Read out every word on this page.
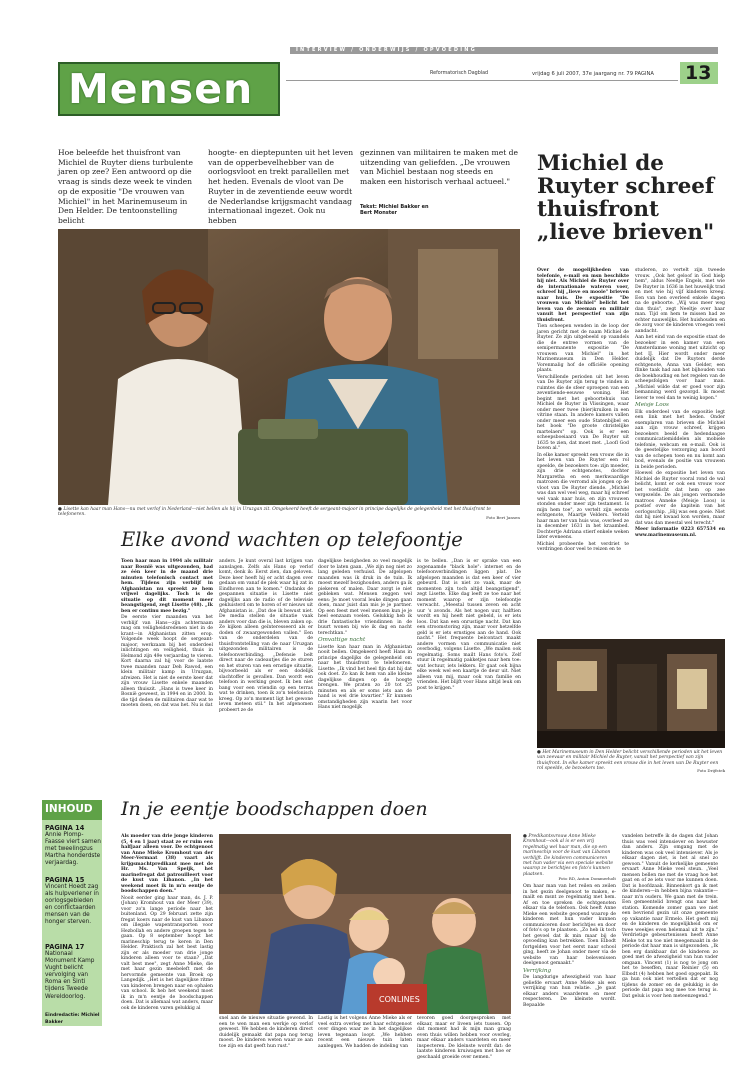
INTERVIEW / ONDERWIJS / OPVOEDING
Mensen	Reformatorisch Dagblad	vrijdag 6 juli 2007, 37e jaargang nr. 79 PAGINA 13
Hoe beleefde het thuisfront van Michiel de Ruyter diens turbulente jaren op zee? Een antwoord op die vraag is sinds deze week te vinden op de expositie "De vrouwen van Michiel" in het Marinemuseum in Den Helder. De tentoonstelling belicht
hoogte- en dieptepunten uit het leven van de opperbevelhebber van de oorlogsvloot en trekt parallellen met het heden. Evenals de vloot van De Ruyter in de zeventiende eeuw wordt de Nederlandse krijgsmacht vandaag internationaal ingezet. Ook nu hebben
gezinnen van militairen te maken met de uitzending van geliefden. „De vrouwen van Michiel bestaan nog steeds en maken een historisch verhaal actueel."
Tekst: Michiel Bakker en Bert Monster
● Lisette kan haar man Hans—nu met verlof in Nederland—niet bellen als hij in Uruzgan zit. Omgekeerd heeft de sergeant-majoor in principe dagelijks de gelegenheid met het thuisfront te telefoneren.
Foto Bert Jansen
Michiel de Ruyter schreef thuisfront „lieve brieven"

Over de mogelijkheden van telefonie, e-mail en msn beschikte hij niet. Als Michiel de Ruyter over de internationale wateren voer, schreef hij „lieve en mooie" brieven naar huis. De expositie "De vrouwen van Michiel" belicht het leven van de zeeman en militair vanuit het perspectief van zijn thuisfront.

Tien scheepen wenden in de loop der jaren gericht met de naam Michiel de Ruyter. Ze zijn uitgebeeld op vaandels die de entree vormen van de semipermanente expositie "De vrouwen van Michiel" in het Marinemuseum in Den Helder. Vorenmalig hof de officiële opening plaats.

Verschillende perioden uit het leven van De Ruyter zijn terug te vinden in ruimtes die de sfeer oproepen van een zeventiende-eeuwse woning. Het begint met het geboortehuis van Michiel de Ruyter in Vlissingen, waar onder meer twee (bier)kruiken in een vitrine staan. In andere kamers vallen onder meer een oude Statenbijbel en het boek "De groote christelijke martelaers" op. Ook is er een scheepsboeiaard van De Ruyter uit 1635 te zien, dat moet met. „Loofl God boven al."

In elke kamer spreekt een vrouw die in het leven van De Ruyter een rol speelde, de bezoekers toe: zijn moeder, zijn drie echtgenotes, dochter Margaretha en een merkwaardige matrozen die verromd als jongen op de vloot van De Ruyter diende. „Michiel was dan wel veel weg, maar hij schreef wel vaak naar huis, en zijn vrouwen stonden onder meer zijn testament. Is mijn hem toe", zo vertelt zijn eerste echtgenote, Maartje Velders. Verteld haar man ter van huis was, overleed ze in december 1631 in het kraambed. Dochtertje Adriana stierf enkele weken later eveneens.

Michiel probeerde het verdriet te verdringen door veel te reizen en te

studeren, zo vertelt zijn tweede vrouw. „Ook het geloof in God hielp hem", aldus Neeltje Engels, met wie De Ruyter in 1636 in het huwelijk trad en met wie hij vijf kinderen kreeg. Een van hen overleed enkele dagen na de geboorte. „Wij was meer weg dan thuis", zegt Neeltje over haar man. Tijd om hem te missen had ze echter nauwelijks. Het huishouden en de zorg voor de kinderen vroegen veel aandacht.

Aan het eind van de expositie staat de bezoeker in een kamer van een Amsterdamse woning met uitzicht op het IJ. Hier wordt onder meer duidelijk dat De Ruyters derde echtgenote, Anna van Gelder, een flinke taak had aan het bijhouden van de boekhouding en het regelen van de scheepsfolgen voor haar man. „Michiel wilde dat er goed voor zijn bemanning werd gezorgd. Ik moest liever te veel dan te weinig kopen."

Meisje Loos

Elk onderdeel van de expositie legt een link met het heden. Onder exemplaren van brieven die Michiel aan zijn vrouw schreef, krijgen bezoekers beeld de hedendaagse communicatiemiddelen als mobiele telefonie, webcam en e-mail. Ook is de geestelijke verzorging aan boord van de schepen toen en nu komt aan bod, evenals de positie van vrouwen in beide perioden.

Hoewel de expositie het leven van Michiel de Ruyter vooral rond de wal belicht, komt er ook een vrouw voor het voetlicht dat hem op zee vergezelde. De als jongen vermomde matroos Anneke (Meisje Loos) is postief over de kapitein van het oorlogsschip. „Hij was een goeie. Niet dat hij niet kwaad kon worden, maar dat was dan meestal wel terecht."

Meer informatie 0223 657534 en www.marinemuseum.nl.

● Het Marinemuseum in Den Helder belicht verschillende perioden uit het leven van zeevaar en militair Michiel de Ruyter, vanuit het perspectief van zijn thuisfront. In elke kamer spreekt een vrouw die in het leven van De Ruyter een rol speelde, de bezoekers toe.	Foto Drijfstek
Elke avond wachten op telefoontje

Toen haar man in 1994 als militair naar Bosnië was uitgezonden, had ze één keer in de maand drie minuten telefonisch contact met hem. Tijdens zijn verblijf in Afghanistan nu spreekt ze hem vrijwel dagelijks. Toch is de situatie op dit moment meer beangstigend, zegt Lisette (48). „Ik ben er continu mee bezig."

De eerste vier maanden van het verblijf van Hans—zijn achternaam mag om veiligheidsredenen niet in de krant—in Afghanistan zitten erop. Volgende week hoopt de sergeant-majoor, werkzaam bij het onderdeel inlichtingen en veiligheid, thuis in Helmond zijn 49e verjaardag te vieren. Kort daarna zal hij voor de laatste twee maanden naar Deh Rawod, een klein militair kamp in Uruzgan, afreizen. Het is niet de eerste keer dat zijn vrouw Lisette enkele maanden alleen thuiszit. „Hans is twee keer in Bosnië geweest, in 1994 en in 2000. In die tijd deden de militairen daar wat te moeten doen, en dat was het. Nu is dat

anders. Je kunt overal last krijgen van aanslagen. Zelfs als Hans op verlof komt, denk ik: Eerst zien, dan geloven. Deze keer heeft hij er acht dagen over gedaan om vanaf de plek waar hij zat in Eindhoven aan te komen." Ondanks de gespannen situatie is Lisette niet dagelijks aan de radio of de televisie gekluisterd om te horen of er nieuws uit Afghanistan is. „Dat doe ik bewust niet. De media stellen de situatie vaak anders voor dan die is, bleven zaken op. Ze kijken alleen geïnteresseerd als er doden of zwaargewonden vallen." Een van de onderdelen van de thuisfrontstelling van de naar Uruzgan uitgezonden militairen is de telefoonverbinding. „Defensie belt direct naar de cadeautjes die ze sturen en het sturen van een ernstige situatie, bijvoorbeeld als er een dodelijk slachtoffer is gevallen. Dan wordt een telefoon in werking gezet. Ik ben niet bang voor een vriendin op een terras wat te drinken, toen ik zo'n telefonisch kreeg. Op zo'n moment ligt het gewone leven meteen stil." In het afgenomen probeert ze de

dagelijkse bezigheden zo veel mogelijk door te laten gaan. „We zijn nog niet zo lang geleden verhuisd. De afgelopen maanden was ik druk in de tuin. Ik moest mezelf bezighouden, anders ga ik piekeren of malen. Daar zorgt ie niet gebleken wat. Mensen zeggen wel eens: Je moet vooral leuke dingen gaan doen, maar juist dan mis je je partner. Op een feest met veel mensen kun je je heel eenzaam voelen. Gelukkig heb ik drie fantastische vriendinnen in de buurt wonen bij wie ik dag en nacht terechtkan."

Omvattige nacht

Lisette kan haar man in Afghanistan nooit bellen. Omgekeerd heeft Hans in principe dagelijks de gelegenheid om naar het thuisfront te telefoneren. Lisette: „Ik vind het heel fijn dat hij dat ook doet. Zo kan ik hem van alle kleine dagelijkse dingen op de hoogte brengen. We praten zo 20 tot 25 minuten en als er soms iets aan de hand is wel drie kwartier." Er kunnen omstandigheden zijn waarin het voor Hans niet mogelijk

is te bellen. „Dan is er sprake van een zogenaamde "black hole": internet en de telefoonverbindingen liggen plat. De afgelopen maanden is dat een keer of vier gebeurd. Dat is niet zo vaak, maar de momenten zijn toch altijd beangstigend", zegt Lisette. Elke dag leeft ze toe naar het moment waarop er zijn telefoontje verwacht. „Meestal tussen zeven en acht uur 's avonds. Als het nogen uur, halftien wordt en hij heeft niet gebeld, is er iets loos. Dat kan een onrustige nacht. Dat kan een stroomstoring zijn, maar voor hetzelfde geld is er iets ernstiges aan de hand. Ook nacht." Het frequente belcontact maakt andere vormen van communicatie niet overbodig, volgens Lisette. „We mailen ook regelmatig. Soms mailt Hans foto's. Zelf stuur ik regelmatig pakketjes naar hem toe: wat lectuur, iets lekkers. Er gaat ook bijna elke week wel een kaartje de deur uit. Niet alleen van mij, maar ook van familie en vrienden. Het blijft voor Hans altijd leuk om post te krijgen."
INHOUD
PAGINA 14
Annie Plomp-Faasse viert samen met tweelingzus Martha honderdste verjaardag.
PAGINA 15
Vincent Hoedt zag als hulpverlener in oorlogsgebieden en conflictaarden mensen van de honger sterven.
PAGINA 17
Nationaal Monument Kamp Vught belicht vervolging van Roma en Sinti tijdens Tweede Wereldoorlog.
Eindredactie: Michiel Bakker
In je eentje boodschappen doen

Als moeder van drie jonge kinderen (5, 4 en 1 jaar) staat ze er ruim een halfjaar alleen voor. De echtgenoot van Anne Mieke Kromhout van der Meer-Vermaat (38) vaart als krijgsmachtpredikant mee met de Hr. Ms. Van Speijk, het marinefregat dat patrouilleert voor de kust van Libanon. „In het weekend moet ik in m'n eentje de boodschappen doen."

Nooit eerder ging haar man, ds. J. P. (Johan) Kromhout van der Meer (39), voor zo'n lange periode naar het buitenland. Op 29 februari zette zijn fregat koers naar de kust van Libanon om illegale wapentransporten voor Hezbollah en andere groepen tegen te gaan. Op 8 september hoopt het marineschip terug te keren in Den Helder. Praktisch zal het best lastig zijn er als moeder van drie jonge kinderen alleen voor te staan? „Dat valt best mee", zegt Anne Mieke, die met haar gezin meebeleft met de hervormde gemeente van Broek op Langedijk. „Het is het dagelijkse ritme van kinderen brengen naar en ophalen van school. Ik heb het weekend moet ik in m'n eentje de boodschappen doen. Dat is allemaal wat anders, maar ook de kinderen varen gelukkig al

CONLINES
snel aan de nieuwe situatie gewend. In een te wen man een werkje op verlof geweest. We hebben de kinderen direct duidelijk gemaakt dat papa nog terug moest. De kinderen weten waar ze aan toe zijn en dat geeft hun rust."
Lastig is het volgens Anne Mieke als er veel extra overleg met haar echtgenoot over dingen waar ze in het dagelijkse leven tegenaan loopt. „We hebben recent een nieuwe tuin laten aanleggen. We hadden de indeling van
tevoren goed doorgesproken met elkaar, maar er liveen iets tussen. Op dat moment had ik mijn man graag even thuis willen hebben voor overleg, maar elkaar anders vaardeten en meer inspecteren. De kleinste wordt dat: de laatste kinderen kruiwagen met hoe er geschaald groeide over nemen."
● Predikantsvrouw Anne Mieke Kromhout—ook al is er een vrij regelmatig wel haar man, die op een marineschip voor de kust van Libanon verblijft. De kinderen communiceren met hun vader via een speciale website waarop ze berichtjes en foto's kunnen plaatsen.
Foto RD, Anton Dommerholt

Om haar man van het reilen en zeilen in het gezin deelgenoot te maken, e-mailt en msnt ze regelmatig met hem. Af en toe spreken de echtgenoten elkaar via de telefoon. Ook heeft Anne Mieke een website geopend waarop de kinderen met hun vader kunnen communiceren door berichtjes en door of foto's op te plaatsen. „Zo heb ik toch het gevoel dat ik min maar bij de opvoeding kan betrekken. Toen Elbodt fortgelden voor het eerst naar school ging, heeft ze Johan onder meer via de website van haar belevenissen deelgenoot gemaakt."

Verrijking

De langdurige afwezigheid van haar geliefde ervaart Anne Mieke als een verrijking van hun relatie. „Je gaat elkaar anders waarderen en meer respecteren. De kleinste wordt. Bepaalde

vandelen betreffe ik de dagen dat Johan thuis was veel intensiever en bewuster dan anders. Zijn omgang met de kinderen was ook veel intensiever. Als je elkaar dagen ziet, is het al snel zo gewoon." Vanuit de kerkelijke gemeente ervaart Anne Mieke veel steun. „Veel mensen bellen me met de vraag hoe het gaat en of ze iets voor me kunnen doen. Dat is hoofdzaak. Binnenkort ga ik met de kinderen—in hebben bijna vakantie—naar m'n ouders. We gaan met de trein. Een gemeentelid brengt ons naar het station. Komende zomer gaan we niet een bevriend gezin uit onze gemeente op vakantie naar Ermelo. Het geeft mij en de kinderen de mogelijkheid om er twee weekjes even helemaal uit te zijn." Verdrietige gebeurtenissen heeft Anne Mieke tot nu toe niet meegemaakt in de periode dat haar man is uitgezonden. „Ik ben erg dankbaar dat de kinderen zo goed met de afwezigheid van hun vader omgaan. Vincent (1) is nog te jong om het te beseffen, maar Reinier (5) en Elbodt (4) hebben het goed opgepakt. Ik ga hun ook niet vertellen dat er nog tijdens de zomer en de gelukkig is de periode dat papa nog mee toe terug is. Dat geluk is voor hen meteenzegend."
